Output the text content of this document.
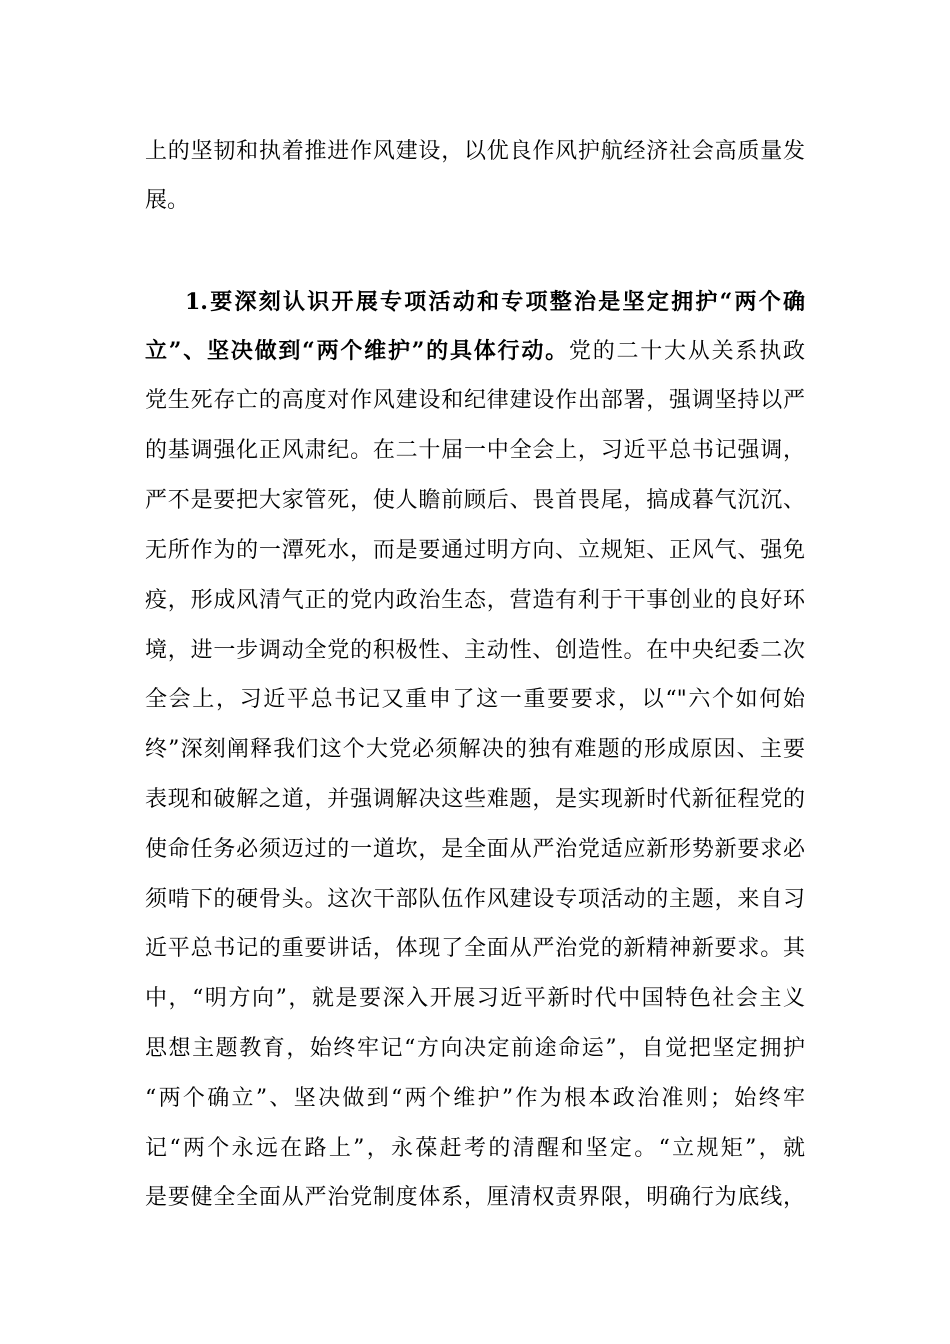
上的坚韧和执着推进作风建设，以优良作风护航经济社会高质量发
展。
1.要深刻认识开展专项活动和专项整治是坚定拥护“两个确
立”、坚决做到“两个维护”的具体行动。党的二十大从关系执政
党生死存亡的高度对作风建设和纪律建设作出部署，强调坚持以严
的基调强化正风肃纪。在二十届一中全会上，习近平总书记强调，
严不是要把大家管死，使人瞻前顾后、畏首畏尾，搞成暮气沉沉、
无所作为的一潭死水，而是要通过明方向、立规矩、正风气、强免
疫，形成风清气正的党内政治生态，营造有利于干事创业的良好环
境，进一步调动全党的积极性、主动性、创造性。在中央纪委二次
全会上，习近平总书记又重申了这一重要要求，以“"六个如何始
终”深刻阐释我们这个大党必须解决的独有难题的形成原因、主要
表现和破解之道，并强调解决这些难题，是实现新时代新征程党的
使命任务必须迈过的一道坎，是全面从严治党适应新形势新要求必
须啃下的硬骨头。这次干部队伍作风建设专项活动的主题，来自习
近平总书记的重要讲话，体现了全面从严治党的新精神新要求。其
中，“明方向”，就是要深入开展习近平新时代中国特色社会主义
思想主题教育，始终牢记“方向决定前途命运”，自觉把坚定拥护
“两个确立”、坚决做到“两个维护”作为根本政治准则；始终牢
记“两个永远在路上”，永葆赶考的清醒和坚定。“立规矩”，就
是要健全全面从严治党制度体系，厘清权责界限，明确行为底线，
